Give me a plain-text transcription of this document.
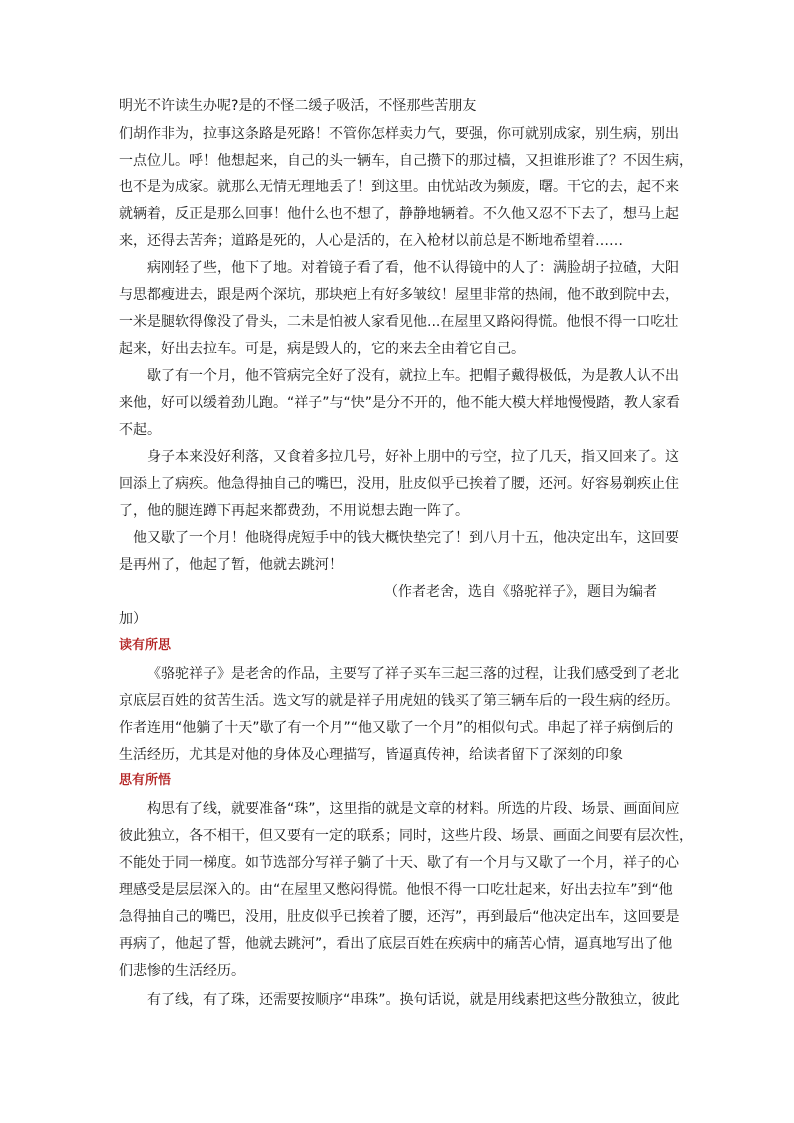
明光不许读生办呢?是的不怪二缓子吸活，不怪那些苦朋友
们胡作非为，拉事这条路是死路！不管你怎样卖力气，要强，你可就别成家，别生病，别出
一点位儿。呼！他想起来，自己的头一辆车，自己攒下的那过樯，又担谁形谁了？不因生病，
也不是为成家。就那么无情无理地丢了！到这里。由忧站改为频废，曙。干它的去，起不来
就辆着，反正是那么回事！他什么也不想了，静静地辆着。不久他又忍不下去了，想马上起
来，还得去苦奔；道路是死的，人心是活的，在入枪材以前总是不断地希望着……
病刚轻了些，他下了地。对着镜子看了看，他不认得镜中的人了：满脸胡子拉碴，大阳
与思都瘦进去，跟是两个深坑，那块疤上有好多皱纹！屋里非常的热闹，他不敢到院中去，
一米是腿软得像没了骨头，二未是怕被人家看见他...在屋里又路闷得慌。他恨不得一口吃壮
起来，好出去拉车。可是，病是毁人的，它的来去全由着它自己。
歇了有一个月，他不管病完全好了没有，就拉上车。把帽子戴得极低，为是教人认不出
来他，好可以缓着劲儿跑。“祥子”与“快”是分不开的，他不能大模大样地慢慢踏，教人家看
不起。
身子本来没好利落，又食着多拉几号，好补上朋中的亏空，拉了几天，指又回来了。这
回添上了病疾。他急得抽自己的嘴巴，没用，肚皮似乎已挨着了腰，还河。好容易剃疾止住
了，他的腿连蹲下再起来都费劲，不用说想去跑一阵了。
他又歇了一个月！他晓得虎短手中的钱大概快垫完了！到八月十五，他决定出车，这回要
是再州了，他起了暂，他就去跳河！
（作者老舍，选自《骆驼祥子》，题目为编者
加）
读有所思
《骆驼祥子》是老舍的作品，主要写了祥子买车三起三落的过程，让我们感受到了老北
京底层百姓的贫苦生活。选文写的就是祥子用虎妞的钱买了第三辆车后的一段生病的经历。
作者连用“他躺了十天”歇了有一个月”“他又歇了一个月”的相似句式。串起了祥子病倒后的
生活经历，尤其是对他的身体及心理描写，皆逼真传神，给读者留下了深刻的印象
思有所悟
构思有了线，就要准备“珠”，这里指的就是文章的材料。所选的片段、场景、画面间应
彼此独立，各不相干，但又要有一定的联系；同时，这些片段、场景、画面之间要有层次性，
不能处于同一梯度。如节选部分写祥子躺了十天、歇了有一个月与又歇了一个月，祥子的心
理感受是层层深入的。由“在屋里又憋闷得慌。他恨不得一口吃壮起来，好出去拉车”到“他
急得抽自己的嘴巴，没用，肚皮似乎已挨着了腰，还泻”，再到最后“他决定出车，这回要是
再病了，他起了誓，他就去跳河”，看出了底层百姓在疾病中的痛苦心情，逼真地写出了他
们悲惨的生活经历。
有了线，有了珠，还需要按顺序“串珠”。换句话说，就是用线素把这些分散独立，彼此
